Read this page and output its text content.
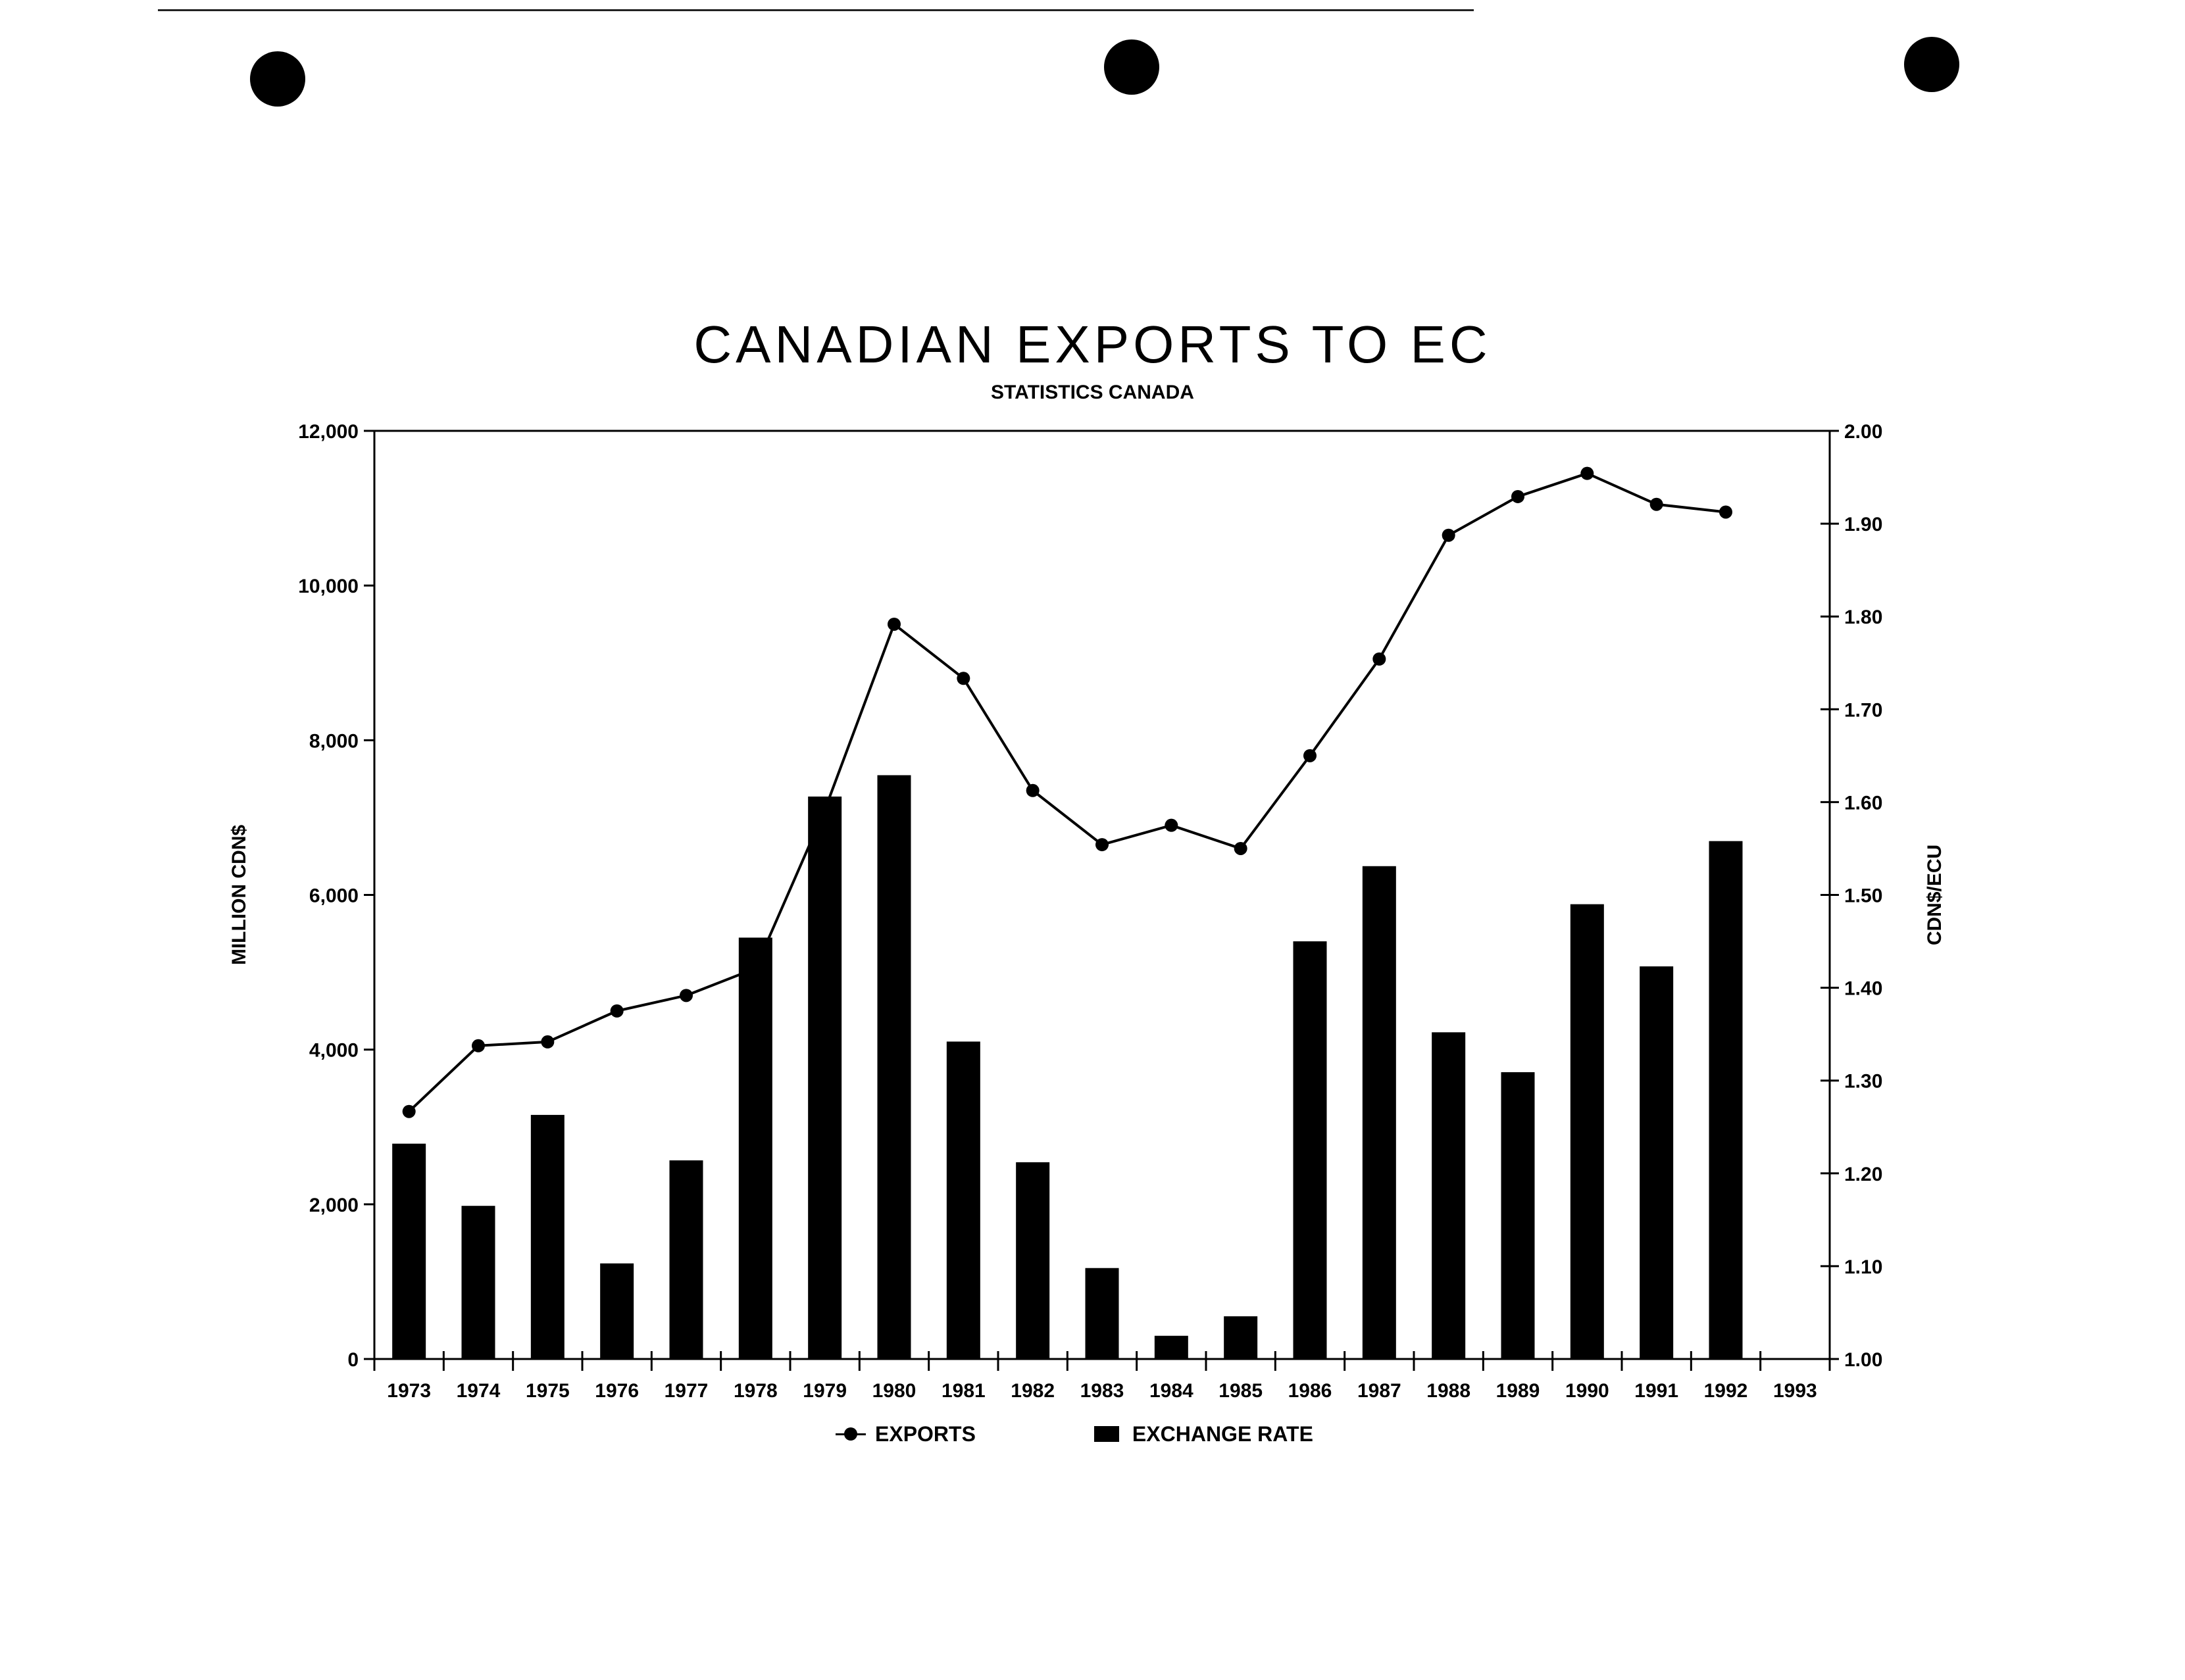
CANADIAN EXPORTS TO EC
STATISTICS CANADA
0
2,000
4,000
6,000
8,000
10,000
12,000
1.00
1.10
1.20
1.30
1.40
1.50
1.60
1.70
1.80
1.90
2.00
1973 1974 1975 1976 1977 1978 1979 1980 1981 1982 1983 1984 1985 1986 1987 1988 1989 1990 1991 1992 1993
MILLION CDN$	CDN$/ECU
EXPORTS	EXCHANGE RATE
